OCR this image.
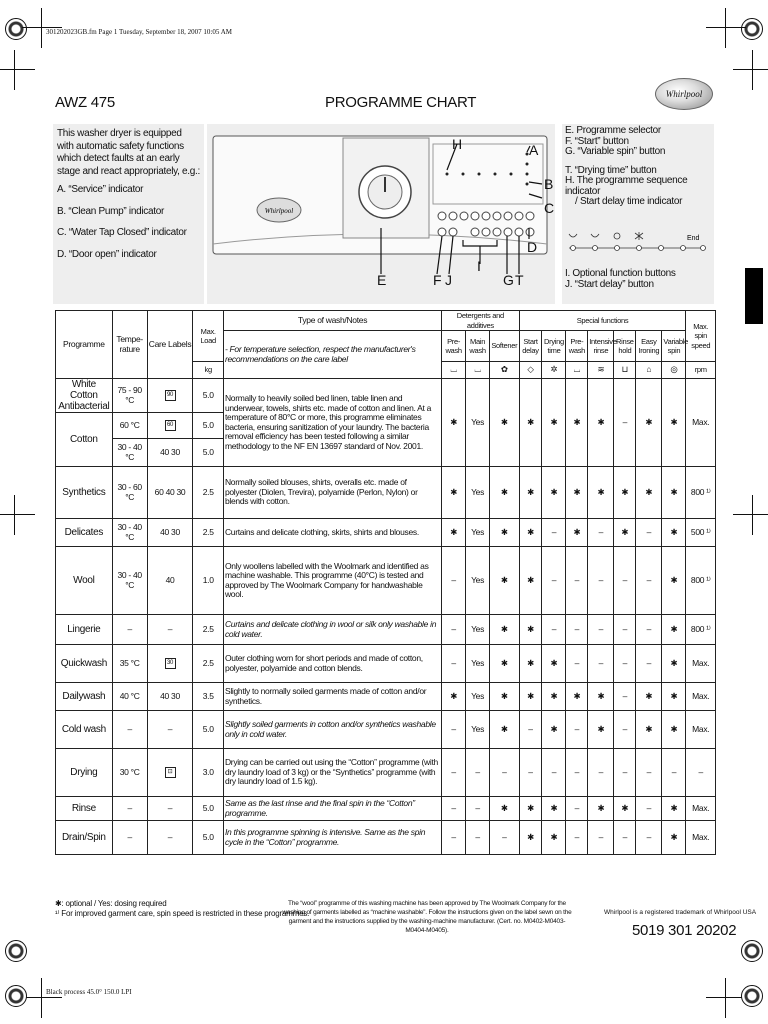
301202023GB.fm Page 1 Tuesday, September 18, 2007 10:05 AM
Black process 45.0° 150.0 LPI
AWZ 475	PROGRAMME CHART	Whirlpool

This washer dryer is equipped with automatic safety functions which detect faults at an early stage and react appropriately, e.g.:

A. “Service” indicator
B. “Clean Pump” indicator
C. “Water Tap Closed” indicator
D. “Door open” indicator
Whirlpool
H	A
B
C
D
E	F J
I
G T
E. Programme selector
F. “Start” button
G. “Variable spin” button
T. “Drying time” button
H. The programme sequence indicator
/ Start delay time indicator
End
I. Optional function buttons
J. “Start delay” button
Programme	Tempe-rature	Care Labels	Max. Load	Type of wash/Notes	Detergents and additives			Special functions							Max. spin speed
				- For temperature selection, respect the manufacturer's recommendations on the care label	Pre-wash	Main wash	Softener	Start delay	Drying time	Pre-wash	Intensive rinse	Rinse hold	Easy Ironing	Variable spin	
			kg		⌴	⌴	✿	◇	✲	⌴	≋	⊔	⌂	◎	rpm
White Cotton Antibacterial	75 - 90 °C	90	5.0	Normally to heavily soiled bed linen, table linen and underwear, towels, shirts etc. made of cotton and linen. At a temperature of 80°C or more, this programme eliminates bacteria, ensuring sanitization of your laundry. The bacteria removal efficiency has been tested following a similar methodology to the NF EN 13697 standard of Nov. 2001.	✱	Yes	✱	✱	✱	✱	✱	–	✱	✱	Max.
Cotton	60 °C	60	5.0												
	30 - 40 °C	40 30	5.0												
Synthetics	30 - 60 °C	60 40 30	2.5	Normally soiled blouses, shirts, overalls etc. made of polyester (Diolen, Trevira), polyamide (Perlon, Nylon) or blends with cotton.	✱	Yes	✱	✱	✱	✱	✱	✱	✱	✱	800 ¹⁾
Delicates	30 - 40 °C	40 30	2.5	Curtains and delicate clothing, skirts, shirts and blouses.	✱	Yes	✱	✱	–	✱	–	✱	–	✱	500 ¹⁾
Wool	30 - 40 °C	40	1.0	Only woollens labelled with the Woolmark and identified as machine washable. This programme (40°C) is tested and approved by The Woolmark Company for handwashable wool.	–	Yes	✱	✱	–	–	–	–	–	✱	800 ¹⁾
Lingerie	–	–	2.5	Curtains and delicate clothing in wool or silk only washable in cold water.	–	Yes	✱	✱	–	–	–	–	–	✱	800 ¹⁾
Quickwash	35 °C	30	2.5	Outer clothing worn for short periods and made of cotton, polyester, polyamide and cotton blends.	–	Yes	✱	✱	✱	–	–	–	–	✱	Max.
Dailywash	40 °C	40 30	3.5	Slightly to normally soiled garments made of cotton and/or synthetics.	✱	Yes	✱	✱	✱	✱	✱	–	✱	✱	Max.
Cold wash	–	–	5.0	Slightly soiled garments in cotton and/or synthetics washable only in cold water.	–	Yes	✱	–	✱	–	✱	–	✱	✱	Max.
Drying	30 °C	⊡	3.0	Drying can be carried out using the “Cotton” programme (with dry laundry load of 3 kg) or the “Synthetics” programme (with dry laundry load of 1.5 kg).	–	–	–	–	–	–	–	–	–	–	–
Rinse	–	–	5.0	Same as the last rinse and the final spin in the “Cotton” programme.	–	–	✱	✱	✱	–	✱	✱	–	✱	Max.
Drain/Spin	–	–	5.0	In this programme spinning is intensive. Same as the spin cycle in the “Cotton” programme.	–	–	–	✱	✱	–	–	–	–	✱	Max.
✱: optional / Yes: dosing required
¹⁾ For improved garment care, spin speed is restricted in these programmes.
The “wool” programme of this washing machine has been approved by The Woolmark Company for the washing of garments labelled as “machine washable”. Follow the instructions given on the label sewn on the garment and the instructions supplied by the washing-machine manufacturer. (Cert. no. M0402-M0403-M0404-M0405).
Whirlpool is a registered trademark of Whirlpool USA
5019 301 20202
